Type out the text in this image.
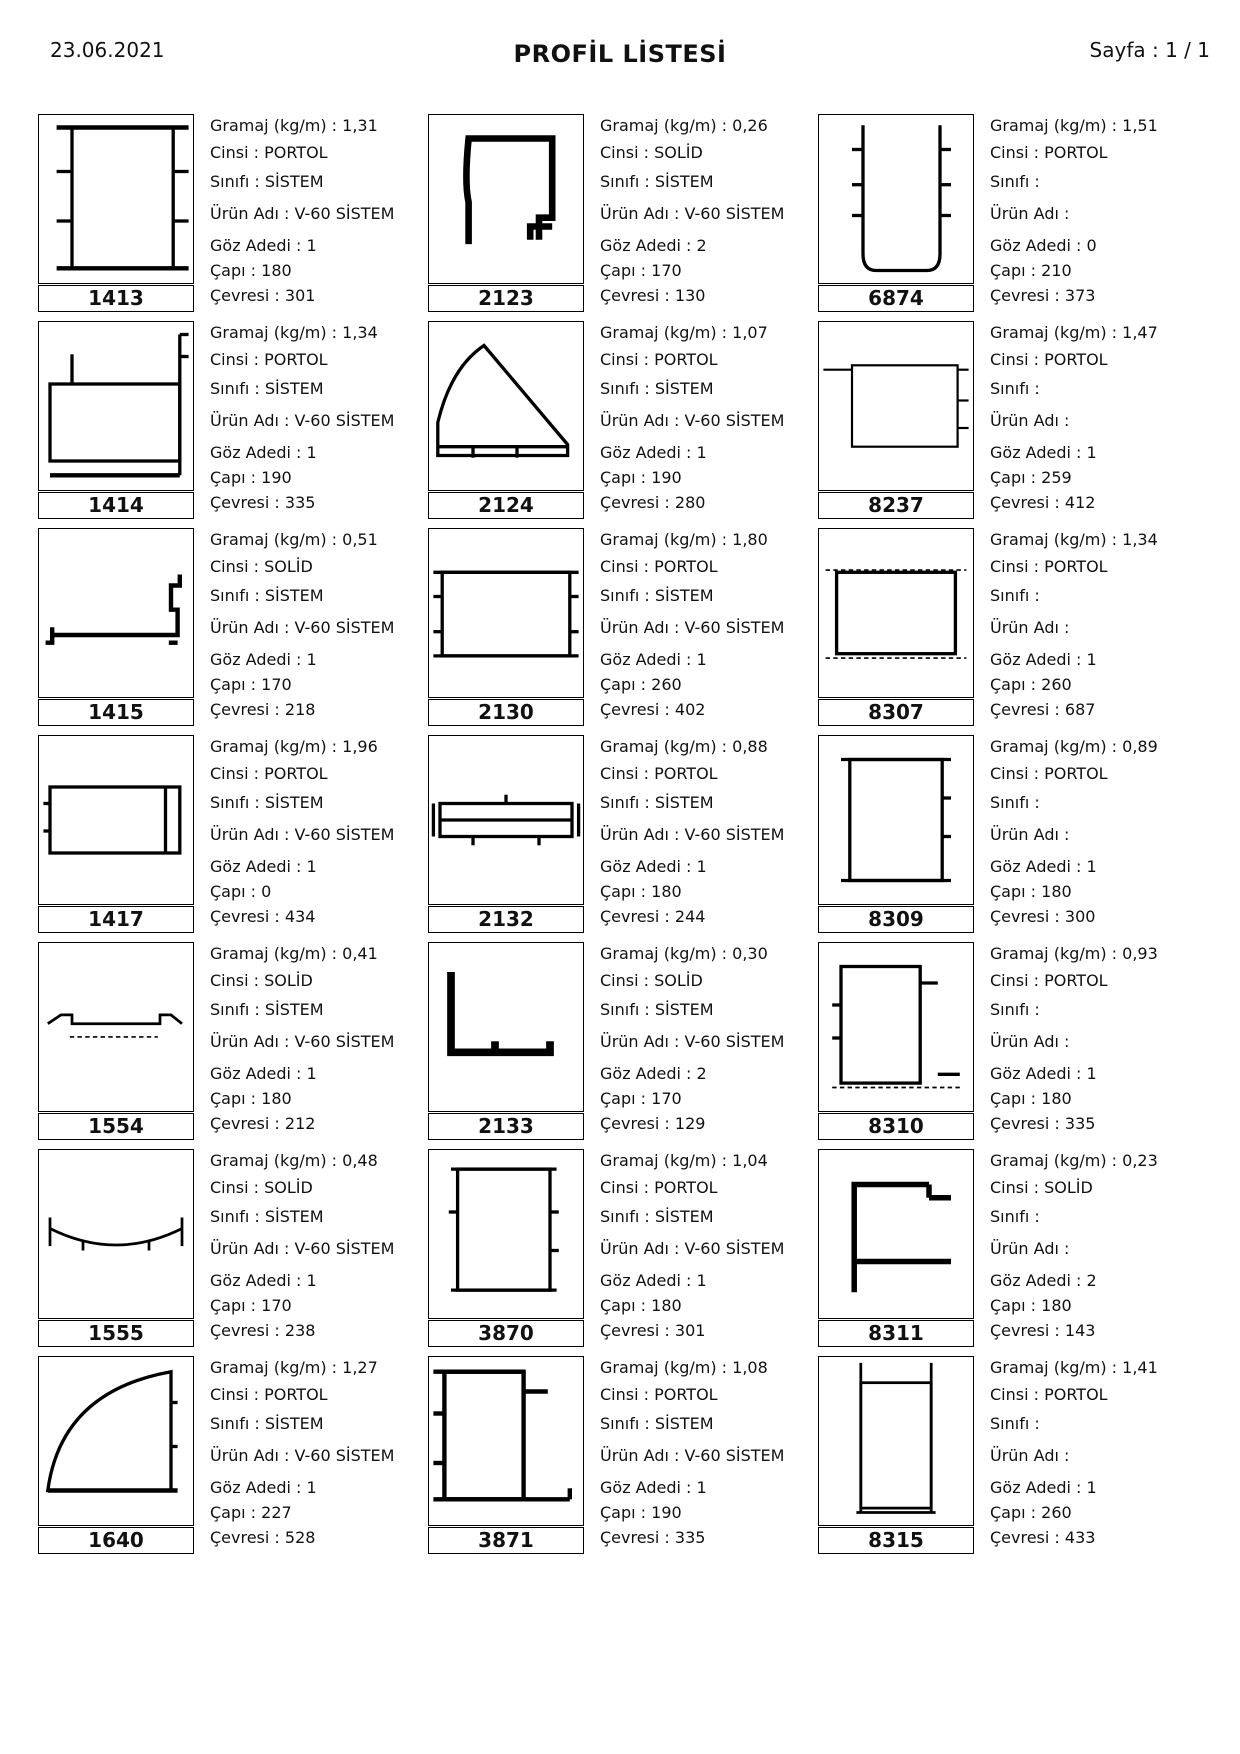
23.06.2021	PROFİL LİSTESİ	Sayfa : 1 / 1
1413
Gramaj (kg/m) : 1,31
Cinsi : PORTOL
Sınıfı : SİSTEM
Ürün Adı : V-60 SİSTEM
Göz Adedi : 1
Çapı : 180
Çevresi : 301	2123
Gramaj (kg/m) : 0,26
Cinsi : SOLİD
Sınıfı : SİSTEM
Ürün Adı : V-60 SİSTEM
Göz Adedi : 2
Çapı : 170
Çevresi : 130	6874
Gramaj (kg/m) : 1,51
Cinsi : PORTOL
Sınıfı :
Ürün Adı :
Göz Adedi : 0
Çapı : 210
Çevresi : 373
1414
Gramaj (kg/m) : 1,34
Cinsi : PORTOL
Sınıfı : SİSTEM
Ürün Adı : V-60 SİSTEM
Göz Adedi : 1
Çapı : 190
Çevresi : 335	2124
Gramaj (kg/m) : 1,07
Cinsi : PORTOL
Sınıfı : SİSTEM
Ürün Adı : V-60 SİSTEM
Göz Adedi : 1
Çapı : 190
Çevresi : 280	8237
Gramaj (kg/m) : 1,47
Cinsi : PORTOL
Sınıfı :
Ürün Adı :
Göz Adedi : 1
Çapı : 259
Çevresi : 412
1415
Gramaj (kg/m) : 0,51
Cinsi : SOLİD
Sınıfı : SİSTEM
Ürün Adı : V-60 SİSTEM
Göz Adedi : 1
Çapı : 170
Çevresi : 218	2130
Gramaj (kg/m) : 1,80
Cinsi : PORTOL
Sınıfı : SİSTEM
Ürün Adı : V-60 SİSTEM
Göz Adedi : 1
Çapı : 260
Çevresi : 402	8307
Gramaj (kg/m) : 1,34
Cinsi : PORTOL
Sınıfı :
Ürün Adı :
Göz Adedi : 1
Çapı : 260
Çevresi : 687
1417
Gramaj (kg/m) : 1,96
Cinsi : PORTOL
Sınıfı : SİSTEM
Ürün Adı : V-60 SİSTEM
Göz Adedi : 1
Çapı : 0
Çevresi : 434	2132
Gramaj (kg/m) : 0,88
Cinsi : PORTOL
Sınıfı : SİSTEM
Ürün Adı : V-60 SİSTEM
Göz Adedi : 1
Çapı : 180
Çevresi : 244	8309
Gramaj (kg/m) : 0,89
Cinsi : PORTOL
Sınıfı :
Ürün Adı :
Göz Adedi : 1
Çapı : 180
Çevresi : 300
1554
Gramaj (kg/m) : 0,41
Cinsi : SOLİD
Sınıfı : SİSTEM
Ürün Adı : V-60 SİSTEM
Göz Adedi : 1
Çapı : 180
Çevresi : 212	2133
Gramaj (kg/m) : 0,30
Cinsi : SOLİD
Sınıfı : SİSTEM
Ürün Adı : V-60 SİSTEM
Göz Adedi : 2
Çapı : 170
Çevresi : 129	8310
Gramaj (kg/m) : 0,93
Cinsi : PORTOL
Sınıfı :
Ürün Adı :
Göz Adedi : 1
Çapı : 180
Çevresi : 335
1555
Gramaj (kg/m) : 0,48
Cinsi : SOLİD
Sınıfı : SİSTEM
Ürün Adı : V-60 SİSTEM
Göz Adedi : 1
Çapı : 170
Çevresi : 238	3870
Gramaj (kg/m) : 1,04
Cinsi : PORTOL
Sınıfı : SİSTEM
Ürün Adı : V-60 SİSTEM
Göz Adedi : 1
Çapı : 180
Çevresi : 301	8311
Gramaj (kg/m) : 0,23
Cinsi : SOLİD
Sınıfı :
Ürün Adı :
Göz Adedi : 2
Çapı : 180
Çevresi : 143
1640
Gramaj (kg/m) : 1,27
Cinsi : PORTOL
Sınıfı : SİSTEM
Ürün Adı : V-60 SİSTEM
Göz Adedi : 1
Çapı : 227
Çevresi : 528	3871
Gramaj (kg/m) : 1,08
Cinsi : PORTOL
Sınıfı : SİSTEM
Ürün Adı : V-60 SİSTEM
Göz Adedi : 1
Çapı : 190
Çevresi : 335	8315
Gramaj (kg/m) : 1,41
Cinsi : PORTOL
Sınıfı :
Ürün Adı :
Göz Adedi : 1
Çapı : 260
Çevresi : 433
